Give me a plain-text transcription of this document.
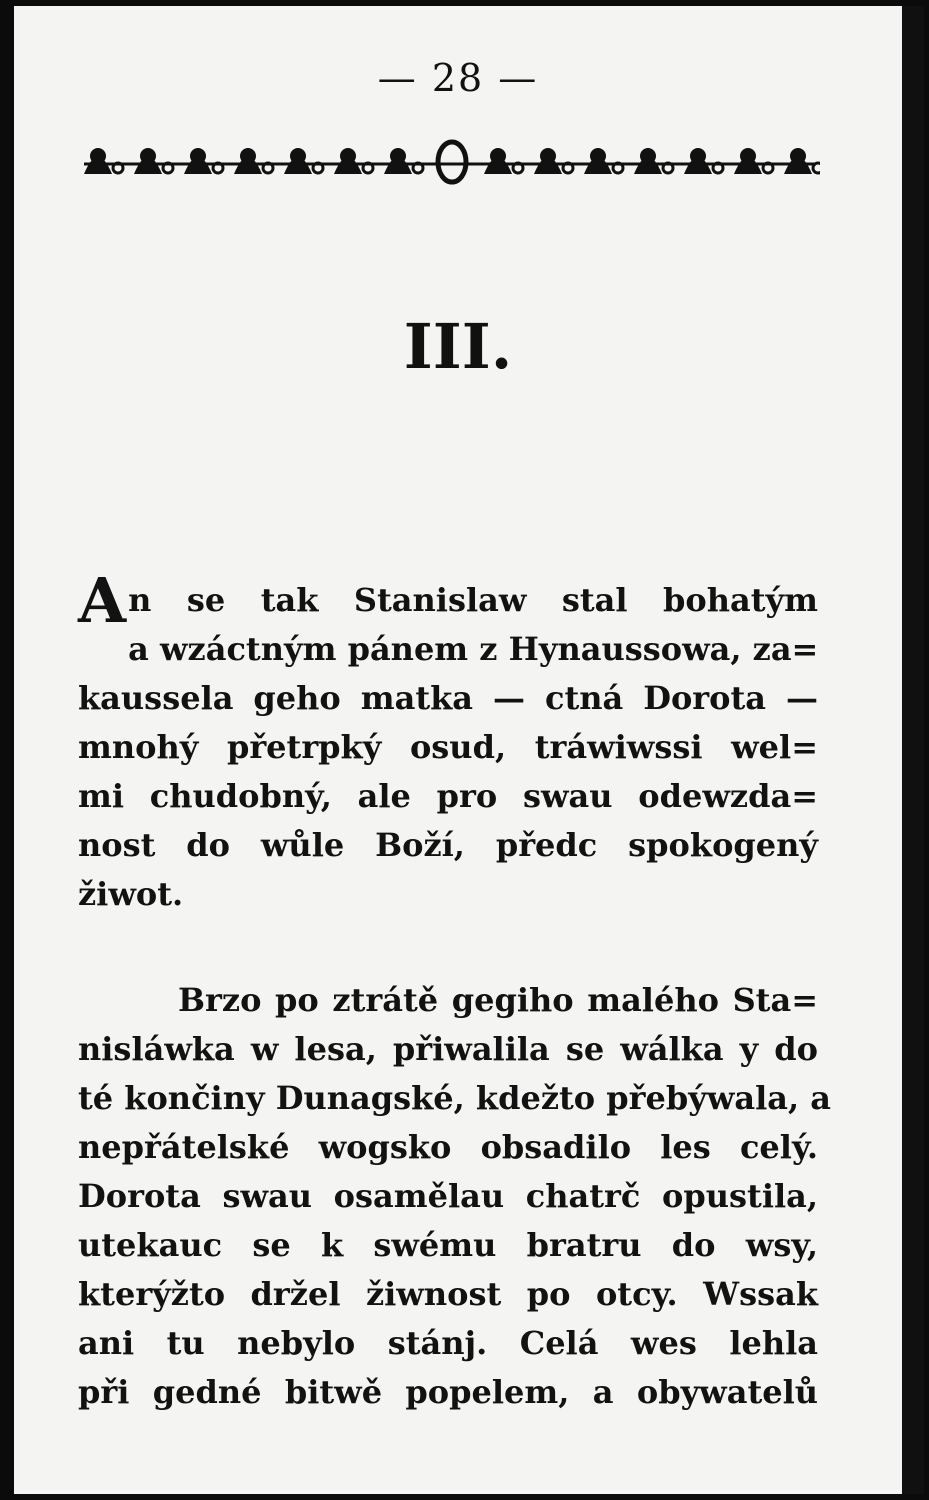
— 28 —
III.
A n se tak Stanislaw stal bohatým
a wzáctným pánem z Hynaussowa, za=
kaussela geho matka — ctná Dorota —
mnohý přetrpký osud, tráwiwssi wel=
mi chudobný, ale pro swau odewzda=
nost do wůle Boží, předc spokogený
žiwot.
Brzo po ztrátě gegiho malého Sta=
nisláwka w lesa, přiwalila se wálka y do
té končiny Dunagské, kdežto přebýwala, a
nepřátelské wogsko obsadilo les celý.
Dorota swau osamělau chatrč opustila,
utekauc se k swému bratru do wsy,
kterýžto držel žiwnost po otcy. Wssak
ani tu nebylo stánj. Celá wes lehla
při gedné bitwě popelem, a obywatelů
